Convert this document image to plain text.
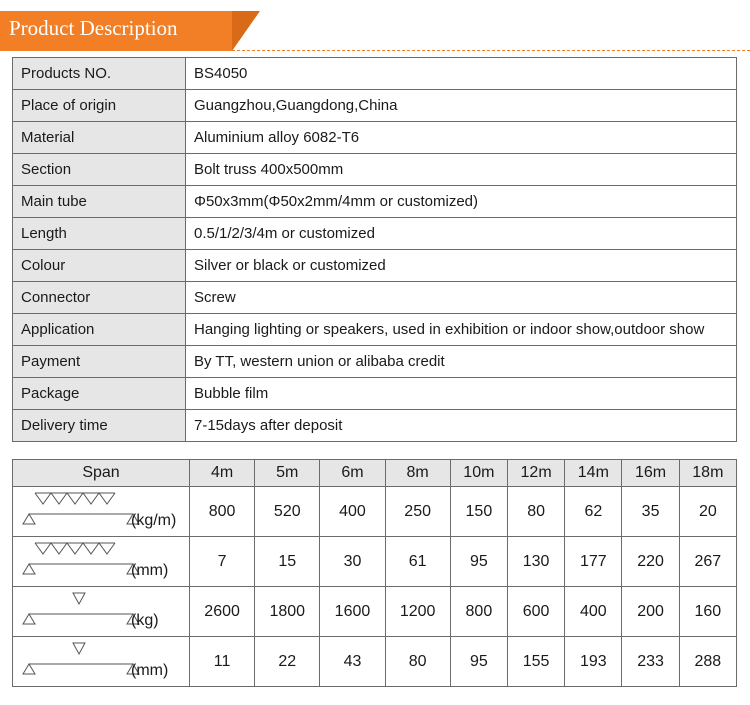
Product Description
Products NO.	BS4050
Place of origin	Guangzhou,Guangdong,China
Material	Aluminium alloy 6082-T6
Section	Bolt truss 400x500mm
Main tube	Φ50x3mm(Φ50x2mm/4mm or customized)
Length	0.5/1/2/3/4m or customized
Colour	Silver or black or customized
Connector	Screw
Application	Hanging lighting or speakers, used in exhibition or indoor show,outdoor show
Payment	By TT, western union or alibaba credit
Package	Bubble film
Delivery time	7-15days after deposit
Span	4m	5m	6m	8m	10m	12m	14m	16m	18m

(kg/m)	800	520	400	250	150	80	62	35	20

(mm)	7	15	30	61	95	130	177	220	267

(kg)	2600	1800	1600	1200	800	600	400	200	160

(mm)	11	22	43	80	95	155	193	233	288
